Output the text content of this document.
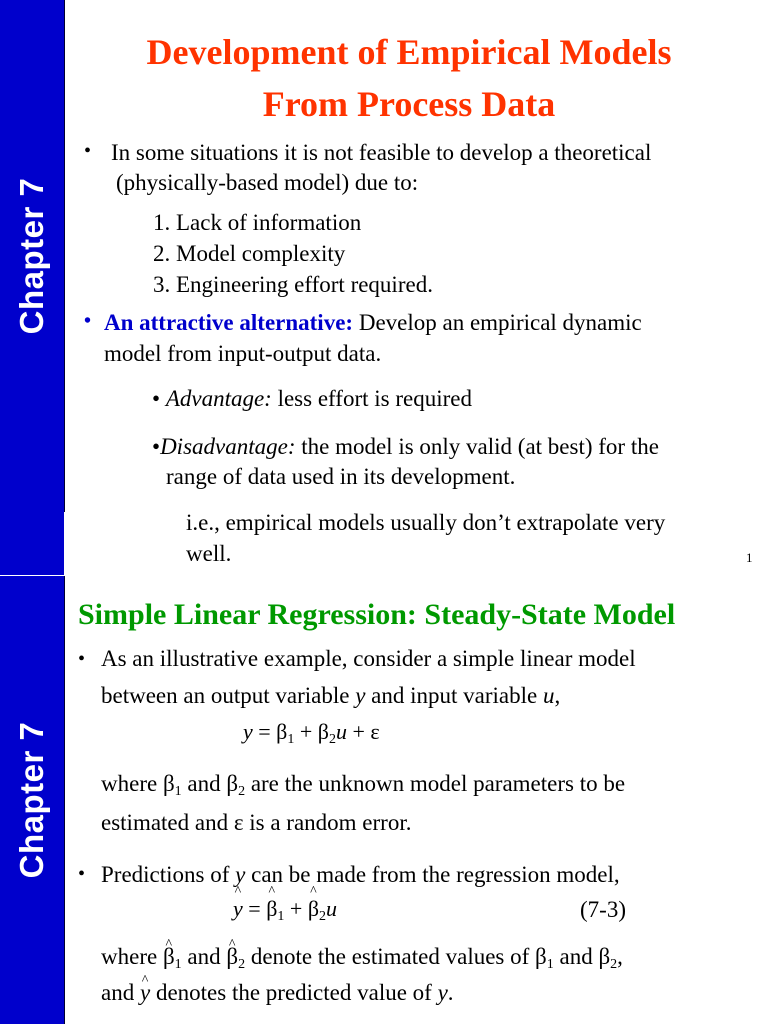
Chapter 7
Development of Empirical Models
From Process Data
• In some situations it is not feasible to develop a theoretical
(physically-based model) due to:
1. Lack of information
2. Model complexity
3. Engineering effort required.
• An attractive alternative: Develop an empirical dynamic
model from input-output data.
• Advantage: less effort is required
•Disadvantage: the model is only valid (at best) for the
range of data used in its development.
i.e., empirical models usually don’t extrapolate very
well.	1
Chapter 7
Simple Linear Regression: Steady-State Model
• As an illustrative example, consider a simple linear model
between an output variable y and input variable u,
$y = \beta_1 + \beta_2u + \varepsilon$
where $\beta_1$ and $\beta_2$ are the unknown model parameters to be
estimated and ε is a random error.
• Predictions of y can be made from the regression model,
^ y = ^ $\beta_1$ + ^ $\beta_2u$	(7-3)
where ^ $\beta_1$ and ^ $\beta_2$ denote the estimated values of $\beta_1$ and $\beta_2$,
and ^ y denotes the predicted value of y.
